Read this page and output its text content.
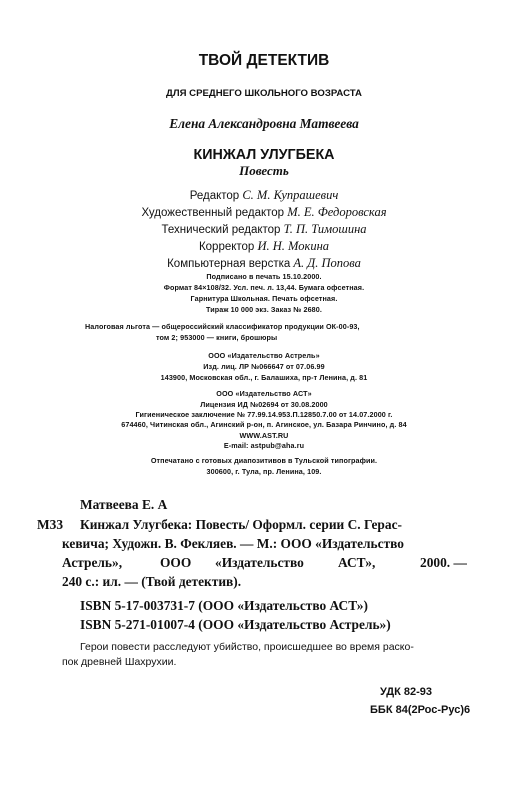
ТВОЙ ДЕТЕКТИВ
ДЛЯ СРЕДНЕГО ШКОЛЬНОГО ВОЗРАСТА
Елена Александровна Матвеева
КИНЖАЛ УЛУГБЕКА
Повесть
Редактор С. М. Купрашевич
Художественный редактор М. Е. Федоровская
Технический редактор Т. П. Тимошина
Корректор И. Н. Мокина
Компьютерная верстка А. Д. Попова
Подписано в печать 15.10.2000.
Формат 84×108/32. Усл. печ. л. 13,44. Бумага офсетная.
Гарнитура Школьная. Печать офсетная.
Тираж 10 000 экз. Заказ № 2680.
Налоговая льгота — общероссийский классификатор продукции ОК-00-93,
том 2; 953000 — книги, брошюры
ООО «Издательство Астрель»
Изд. лиц. ЛР №066647 от 07.06.99
143900, Московская обл., г. Балашиха, пр-т Ленина, д. 81
ООО «Издательство АСТ»
Лицензия ИД №02694 от 30.08.2000
Гигиеническое заключение № 77.99.14.953.П.12850.7.00 от 14.07.2000 г.
674460, Читинская обл., Агинский р-он, п. Агинское, ул. Базара Ринчино, д. 84
WWW.AST.RU
E-mail: astpub@aha.ru
Отпечатано с готовых диапозитивов в Тульской типографии.
300600, г. Тула, пр. Ленина, 109.
Матвеева Е. А
М33 Кинжал Улугбека: Повесть/ Оформл. серии С. Герас-
кевича; Художн. В. Фекляев. — М.: ООО «Издательство
Астрель»,	ООО «Издательство	АСТ»,	2000. —
240 с.: ил. — (Твой детектив).
ISBN 5-17-003731-7 (ООО «Издательство АСТ»)
ISBN 5-271-01007-4 (ООО «Издательство Астрель»)
Герои повести расследуют убийство, происшедшее во время раско-
пок древней Шахрухии.
УДК 82-93
ББК 84(2Рос-Рус)6
